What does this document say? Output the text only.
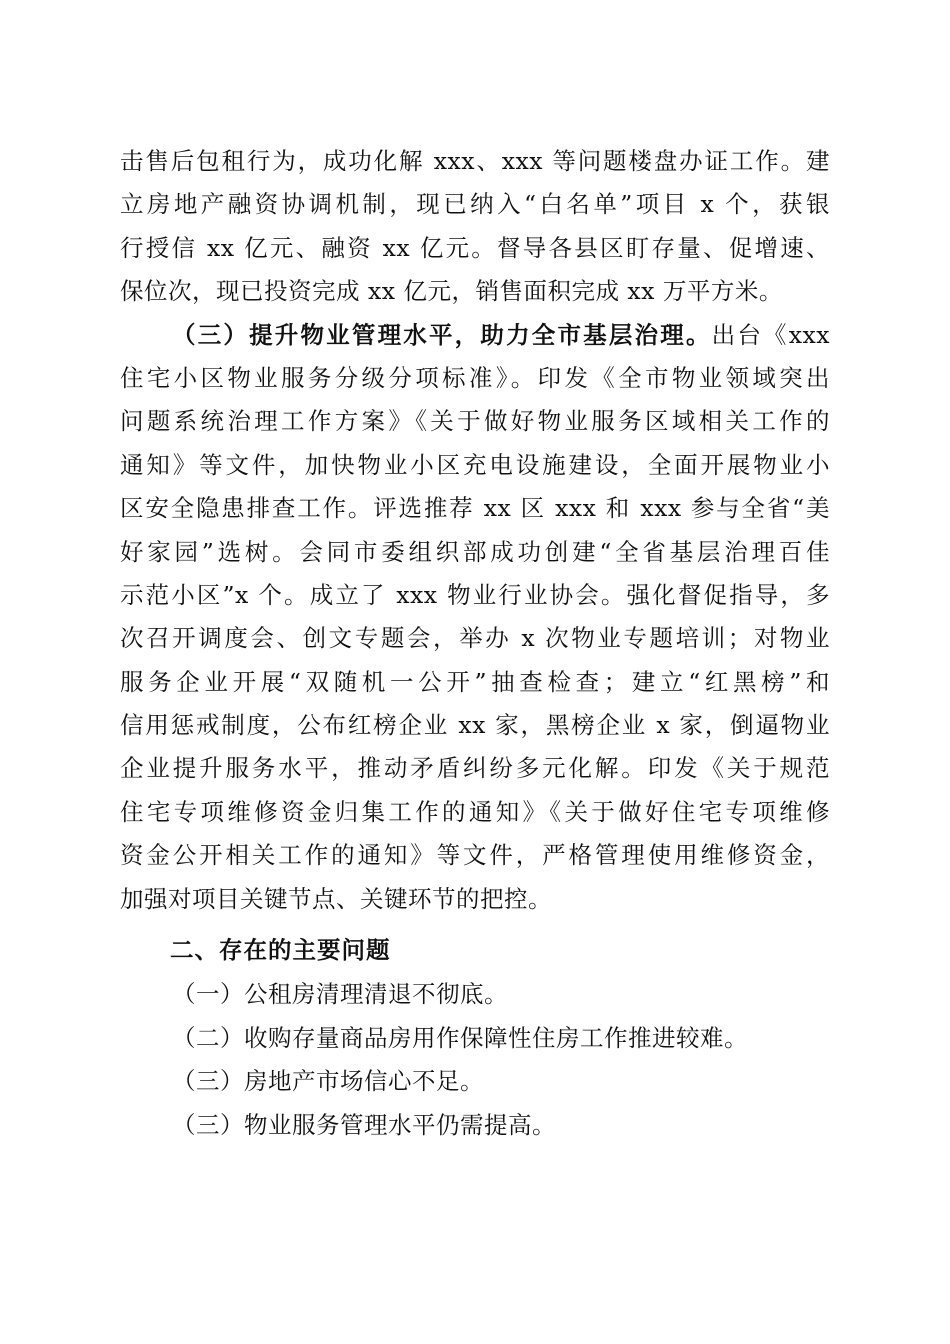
击售后包租行为，成功化解 xxx、xxx 等问题楼盘办证工作。建
立房地产融资协调机制，现已纳入“白名单”项目 x 个，获银
行授信 xx 亿元、融资 xx 亿元。督导各县区盯存量、促增速、
保位次，现已投资完成 xx 亿元，销售面积完成 xx 万平方米。
（三）提升物业管理水平，助力全市基层治理。出台《xxx
住宅小区物业服务分级分项标准》。印发《全市物业领域突出
问题系统治理工作方案》《关于做好物业服务区域相关工作的
通知》等文件，加快物业小区充电设施建设，全面开展物业小
区安全隐患排查工作。评选推荐 xx 区 xxx 和 xxx 参与全省“美
好家园”选树。会同市委组织部成功创建“全省基层治理百佳
示范小区”x 个。成立了 xxx 物业行业协会。强化督促指导，多
次召开调度会、创文专题会，举办 x 次物业专题培训；对物业
服务企业开展“双随机一公开”抽查检查；建立“红黑榜”和
信用惩戒制度，公布红榜企业 xx 家，黑榜企业 x 家，倒逼物业
企业提升服务水平，推动矛盾纠纷多元化解。印发《关于规范
住宅专项维修资金归集工作的通知》《关于做好住宅专项维修
资金公开相关工作的通知》等文件，严格管理使用维修资金，
加强对项目关键节点、关键环节的把控。
二、存在的主要问题
（一）公租房清理清退不彻底。
（二）收购存量商品房用作保障性住房工作推进较难。
（三）房地产市场信心不足。
（三）物业服务管理水平仍需提高。
